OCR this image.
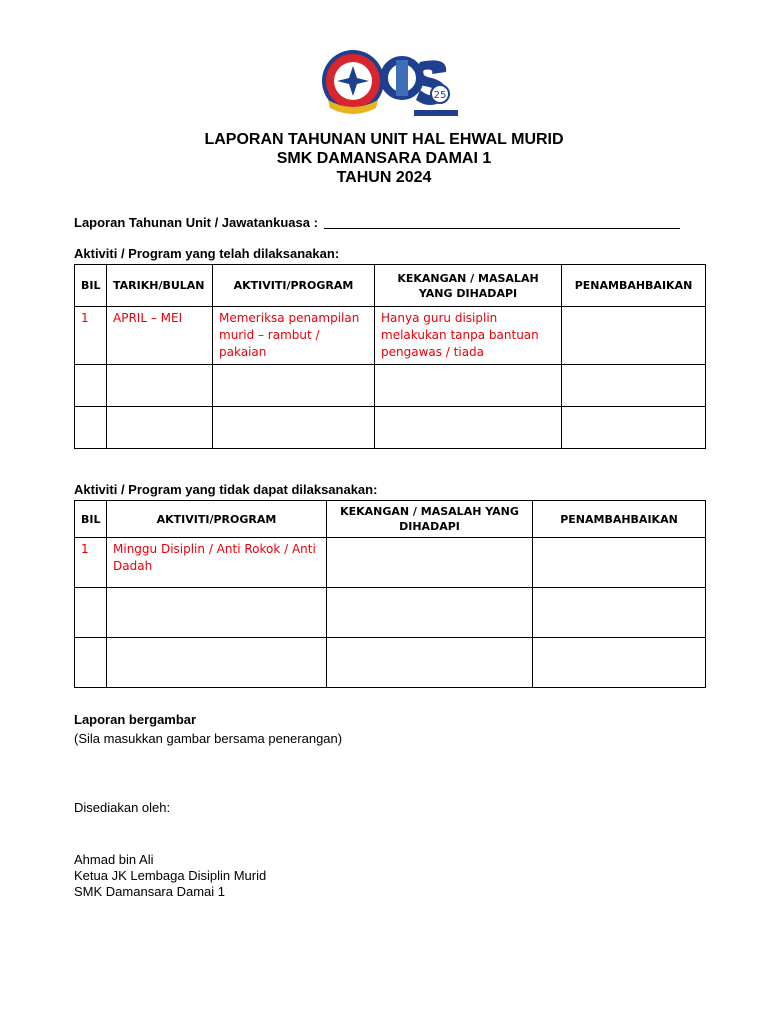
25

LAPORAN TAHUNAN UNIT HAL EHWAL MURID

SMK DAMANSARA DAMAI 1

TAHUN 2024

Laporan Tahunan Unit / Jawatankuasa :
Aktiviti / Program yang telah dilaksanakan:
BIL	TARIKH/BULAN	AKTIVITI/PROGRAM	KEKANGAN / MASALAH YANG DIHADAPI	PENAMBAHBAIKAN
1	APRIL – MEI	Memeriksa penampilan murid – rambut / pakaian	Hanya guru disiplin melakukan tanpa bantuan pengawas / tiada	

Aktiviti / Program yang tidak dapat dilaksanakan:
BIL	AKTIVITI/PROGRAM	KEKANGAN / MASALAH YANG DIHADAPI	PENAMBAHBAIKAN
1	Minggu Disiplin / Anti Rokok / Anti Dadah		

Laporan bergambar
(Sila masukkan gambar bersama penerangan)
Disediakan oleh:
Ahmad bin Ali
Ketua JK Lembaga Disiplin Murid
SMK Damansara Damai 1
